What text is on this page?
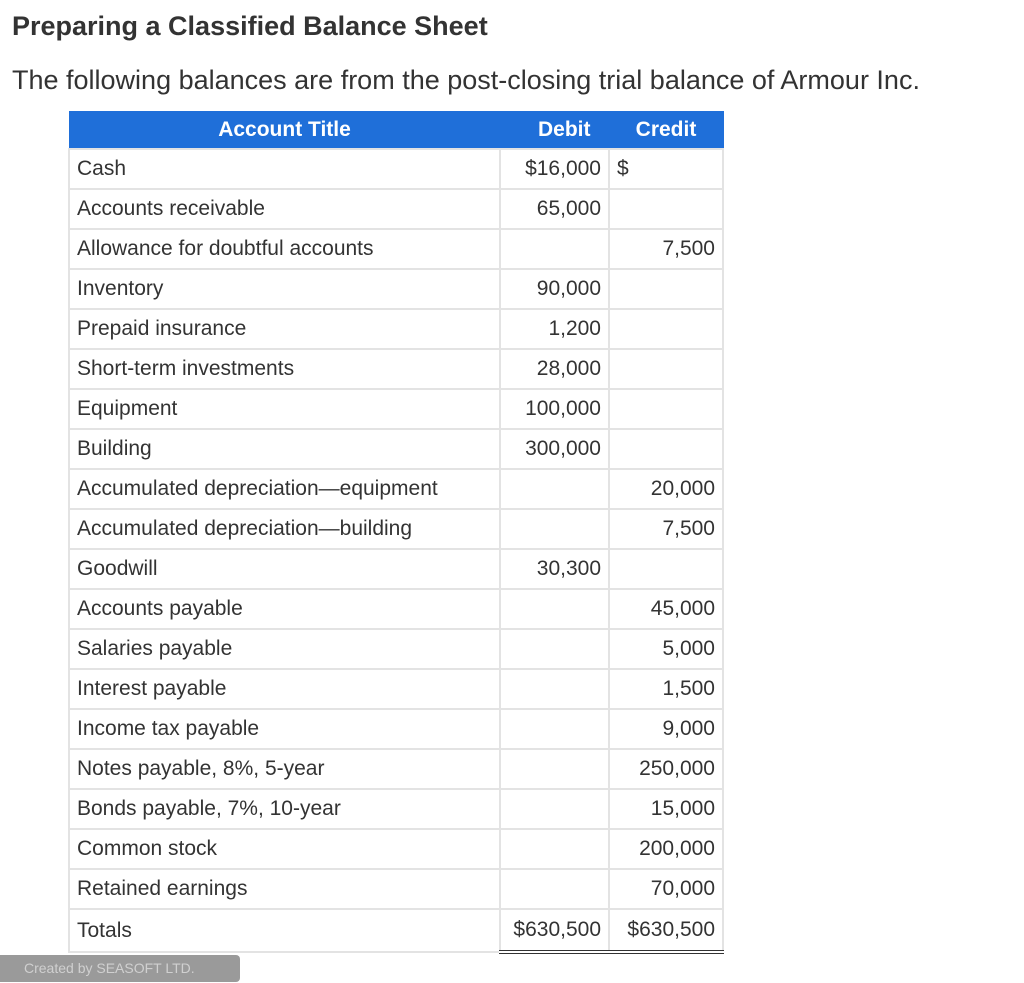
Preparing a Classified Balance Sheet

The following balances are from the post-closing trial balance of Armour Inc.

Account Title	Debit	Credit
Cash	$16,000	$
Accounts receivable	65,000	
Allowance for doubtful accounts		7,500
Inventory	90,000	
Prepaid insurance	1,200	
Short-term investments	28,000	
Equipment	100,000	
Building	300,000	
Accumulated depreciation—equipment		20,000
Accumulated depreciation—building		7,500
Goodwill	30,300	
Accounts payable		45,000
Salaries payable		5,000
Interest payable		1,500
Income tax payable		9,000
Notes payable, 8%, 5-year		250,000
Bonds payable, 7%, 10-year		15,000
Common stock		200,000
Retained earnings		70,000
Totals	$630,500	$630,500
Created by SEASOFT LTD.
